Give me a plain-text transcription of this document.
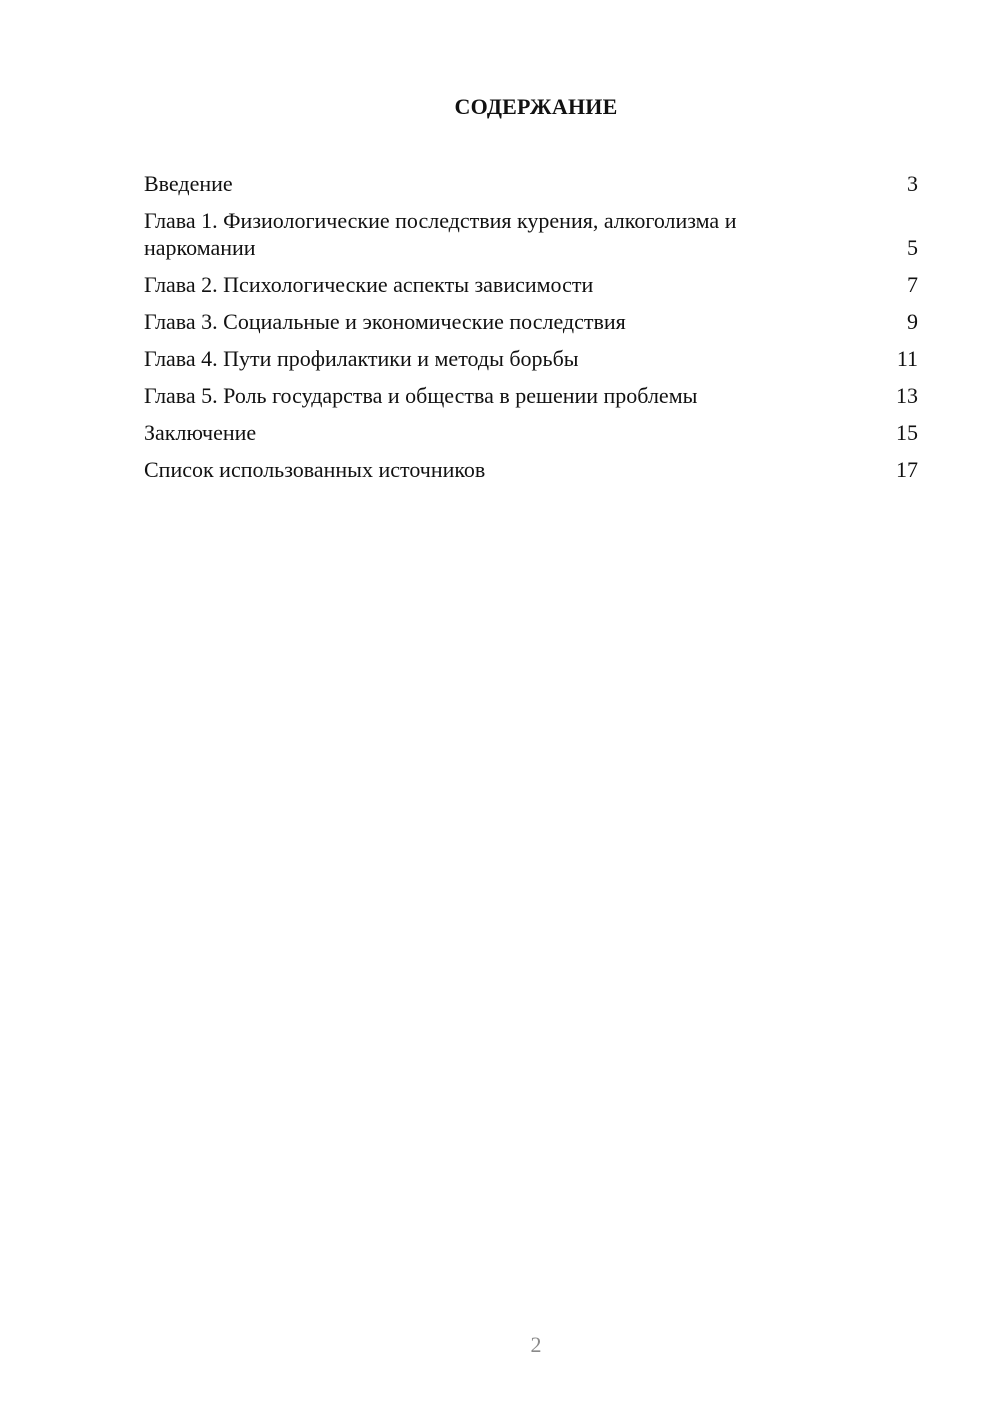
СОДЕРЖАНИЕ
Введение	3
Глава 1. Физиологические последствия курения, алкоголизма и наркомании	5
Глава 2. Психологические аспекты зависимости	7
Глава 3. Социальные и экономические последствия	9
Глава 4. Пути профилактики и методы борьбы	11
Глава 5. Роль государства и общества в решении проблемы	13
Заключение	15
Список использованных источников	17
2
